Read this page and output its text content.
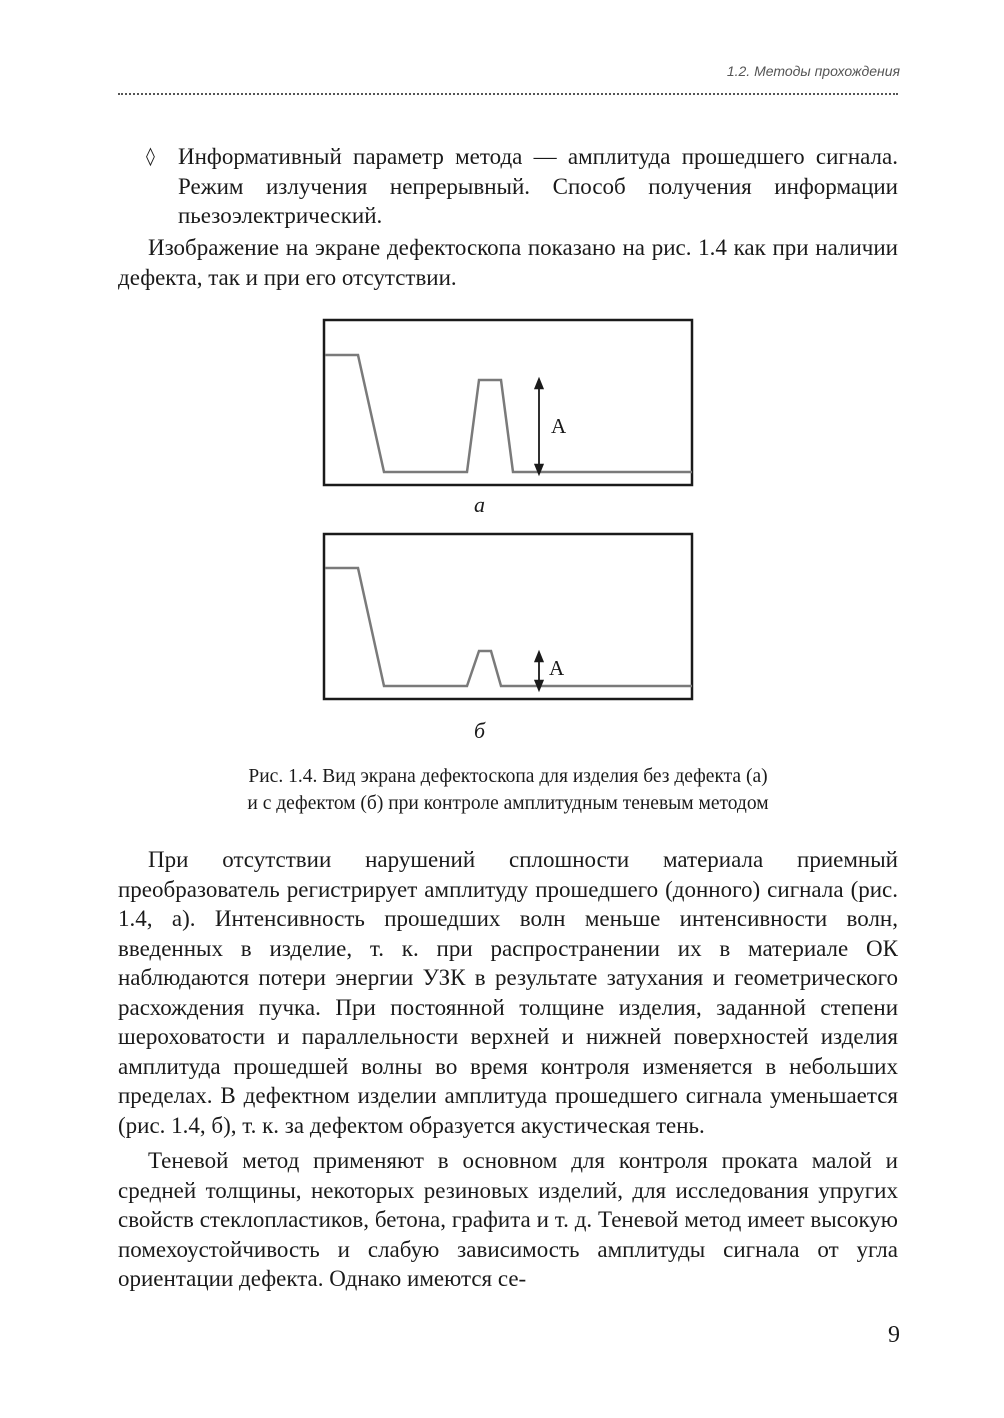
1.2. Методы прохождения
◊ Информативный параметр метода — амплитуда прошедшего сигнала. Режим излучения непрерывный. Способ получения информации пьезоэлектрический.
Изображение на экране дефектоскопа показано на рис. 1.4 как при наличии дефекта, так и при его отсутствии.
A
A
а
б
Рис. 1.4. Вид экрана дефектоскопа для изделия без дефекта (а)
и с дефектом (б) при контроле амплитудным теневым методом
При отсутствии нарушений сплошности материала приемный преобразователь регистрирует амплитуду прошедшего (донного) сигнала (рис. 1.4, а). Интенсивность прошедших волн меньше интенсивности волн, введенных в изделие, т. к. при распространении их в материале ОК наблюдаются потери энергии УЗК в результате затухания и геометрического расхождения пучка. При постоянной толщине изделия, заданной степени шероховатости и параллельности верхней и нижней поверхностей изделия амплитуда прошедшей волны во время контроля изменяется в небольших пределах. В дефектном изделии амплитуда прошедшего сигнала уменьшается (рис. 1.4, б), т. к. за дефектом образуется акустическая тень.
Теневой метод применяют в основном для контроля проката малой и средней толщины, некоторых резиновых изделий, для исследования упругих свойств стеклопластиков, бетона, графита и т. д. Теневой метод имеет высокую помехоустойчивость и слабую зависимость амплитуды сигнала от угла ориентации дефекта. Однако имеются се-
9
